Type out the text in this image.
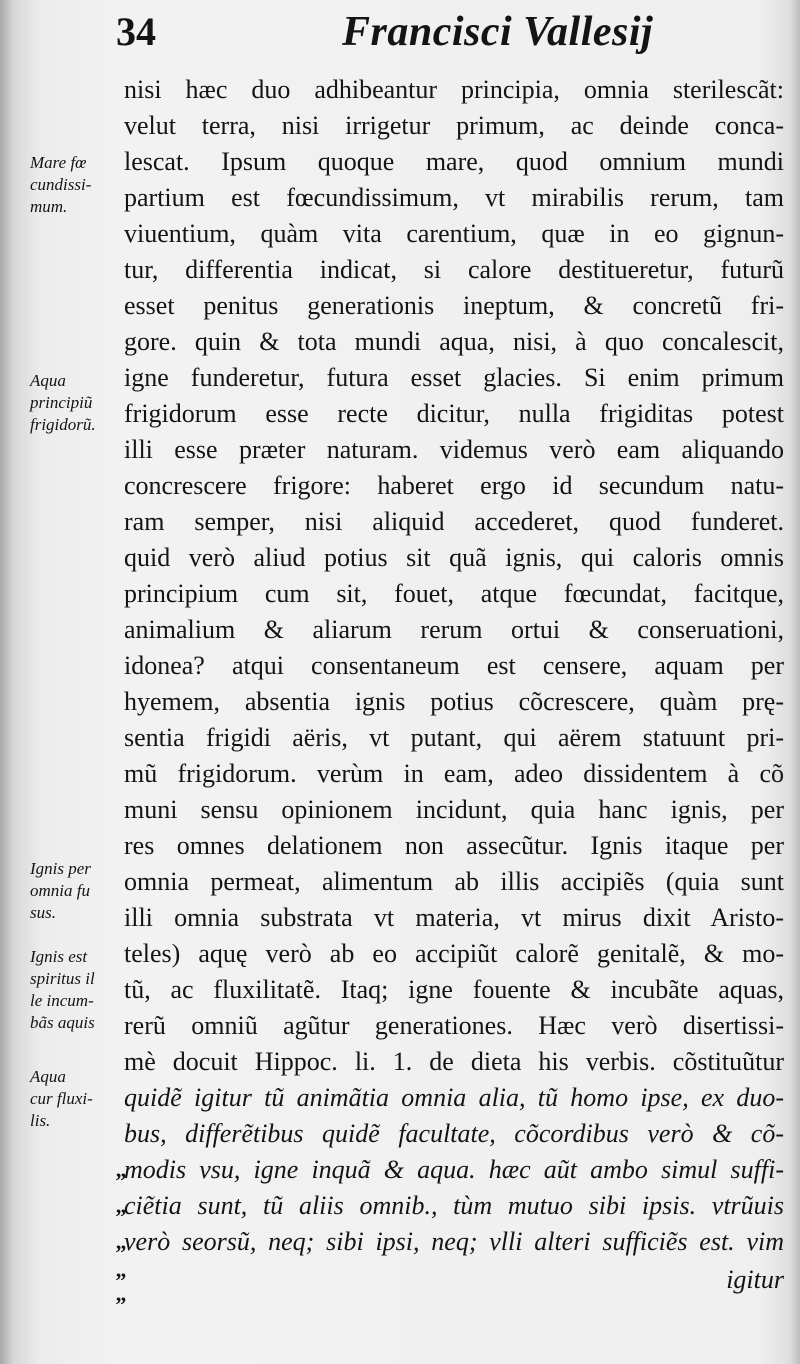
34	Francisci Vallesij
Mare fœ
cundissi-
mum.
Aqua
principiũ
frigidorũ.
Ignis per
omnia fu
sus.
Ignis est
spiritus il
le incum-
bãs aquis
Aqua
cur fluxi-
lis.
„
„
„
„
„
nisi hæc duo adhibeantur principia, omnia sterilescãt:
velut terra, nisi irrigetur primum, ac deinde conca-
lescat. Ipsum quoque mare, quod omnium mundi
partium est fœcundissimum, vt mirabilis rerum, tam
viuentium, quàm vita carentium, quæ in eo gignun-
tur, differentia indicat, si calore destitueretur, futurũ
esset penitus generationis ineptum, & concretũ fri-
gore. quin & tota mundi aqua, nisi, à quo concalescit,
igne funderetur, futura esset glacies. Si enim primum
frigidorum esse recte dicitur, nulla frigiditas potest
illi esse præter naturam. videmus verò eam aliquando
concrescere frigore: haberet ergo id secundum natu-
ram semper, nisi aliquid accederet, quod funderet.
quid verò aliud potius sit quã ignis, qui caloris omnis
principium cum sit, fouet, atque fœcundat, facitque,
animalium & aliarum rerum ortui & conseruationi,
idonea? atqui consentaneum est censere, aquam per
hyemem, absentia ignis potius cõcrescere, quàm prę-
sentia frigidi aëris, vt putant, qui aërem statuunt pri-
mũ frigidorum. verùm in eam, adeo dissidentem à cõ
muni sensu opinionem incidunt, quia hanc ignis, per
res omnes delationem non assecũtur. Ignis itaque per
omnia permeat, alimentum ab illis accipiẽs (quia sunt
illi omnia substrata vt materia, vt mirus dixit Aristo-
teles) aquę verò ab eo accipiũt calorẽ genitalẽ, & mo-
tũ, ac fluxilitatẽ. Itaq; igne fouente & incubãte aquas,
rerũ omniũ agũtur generationes. Hæc verò disertissi-
mè docuit Hippoc. li. 1. de dieta his verbis. cõstituũtur
quidẽ igitur tũ animãtia omnia alia, tũ homo ipse, ex duo-
bus, differẽtibus quidẽ facultate, cõcordibus verò & cõ-
modis vsu, igne inquã & aqua. hæc aũt ambo simul suffi-
ciẽtia sunt, tũ aliis omnib., tùm mutuo sibi ipsis. vtrũuis
verò seorsũ, neq; sibi ipsi, neq; vlli alteri sufficiẽs est. vim
igitur
